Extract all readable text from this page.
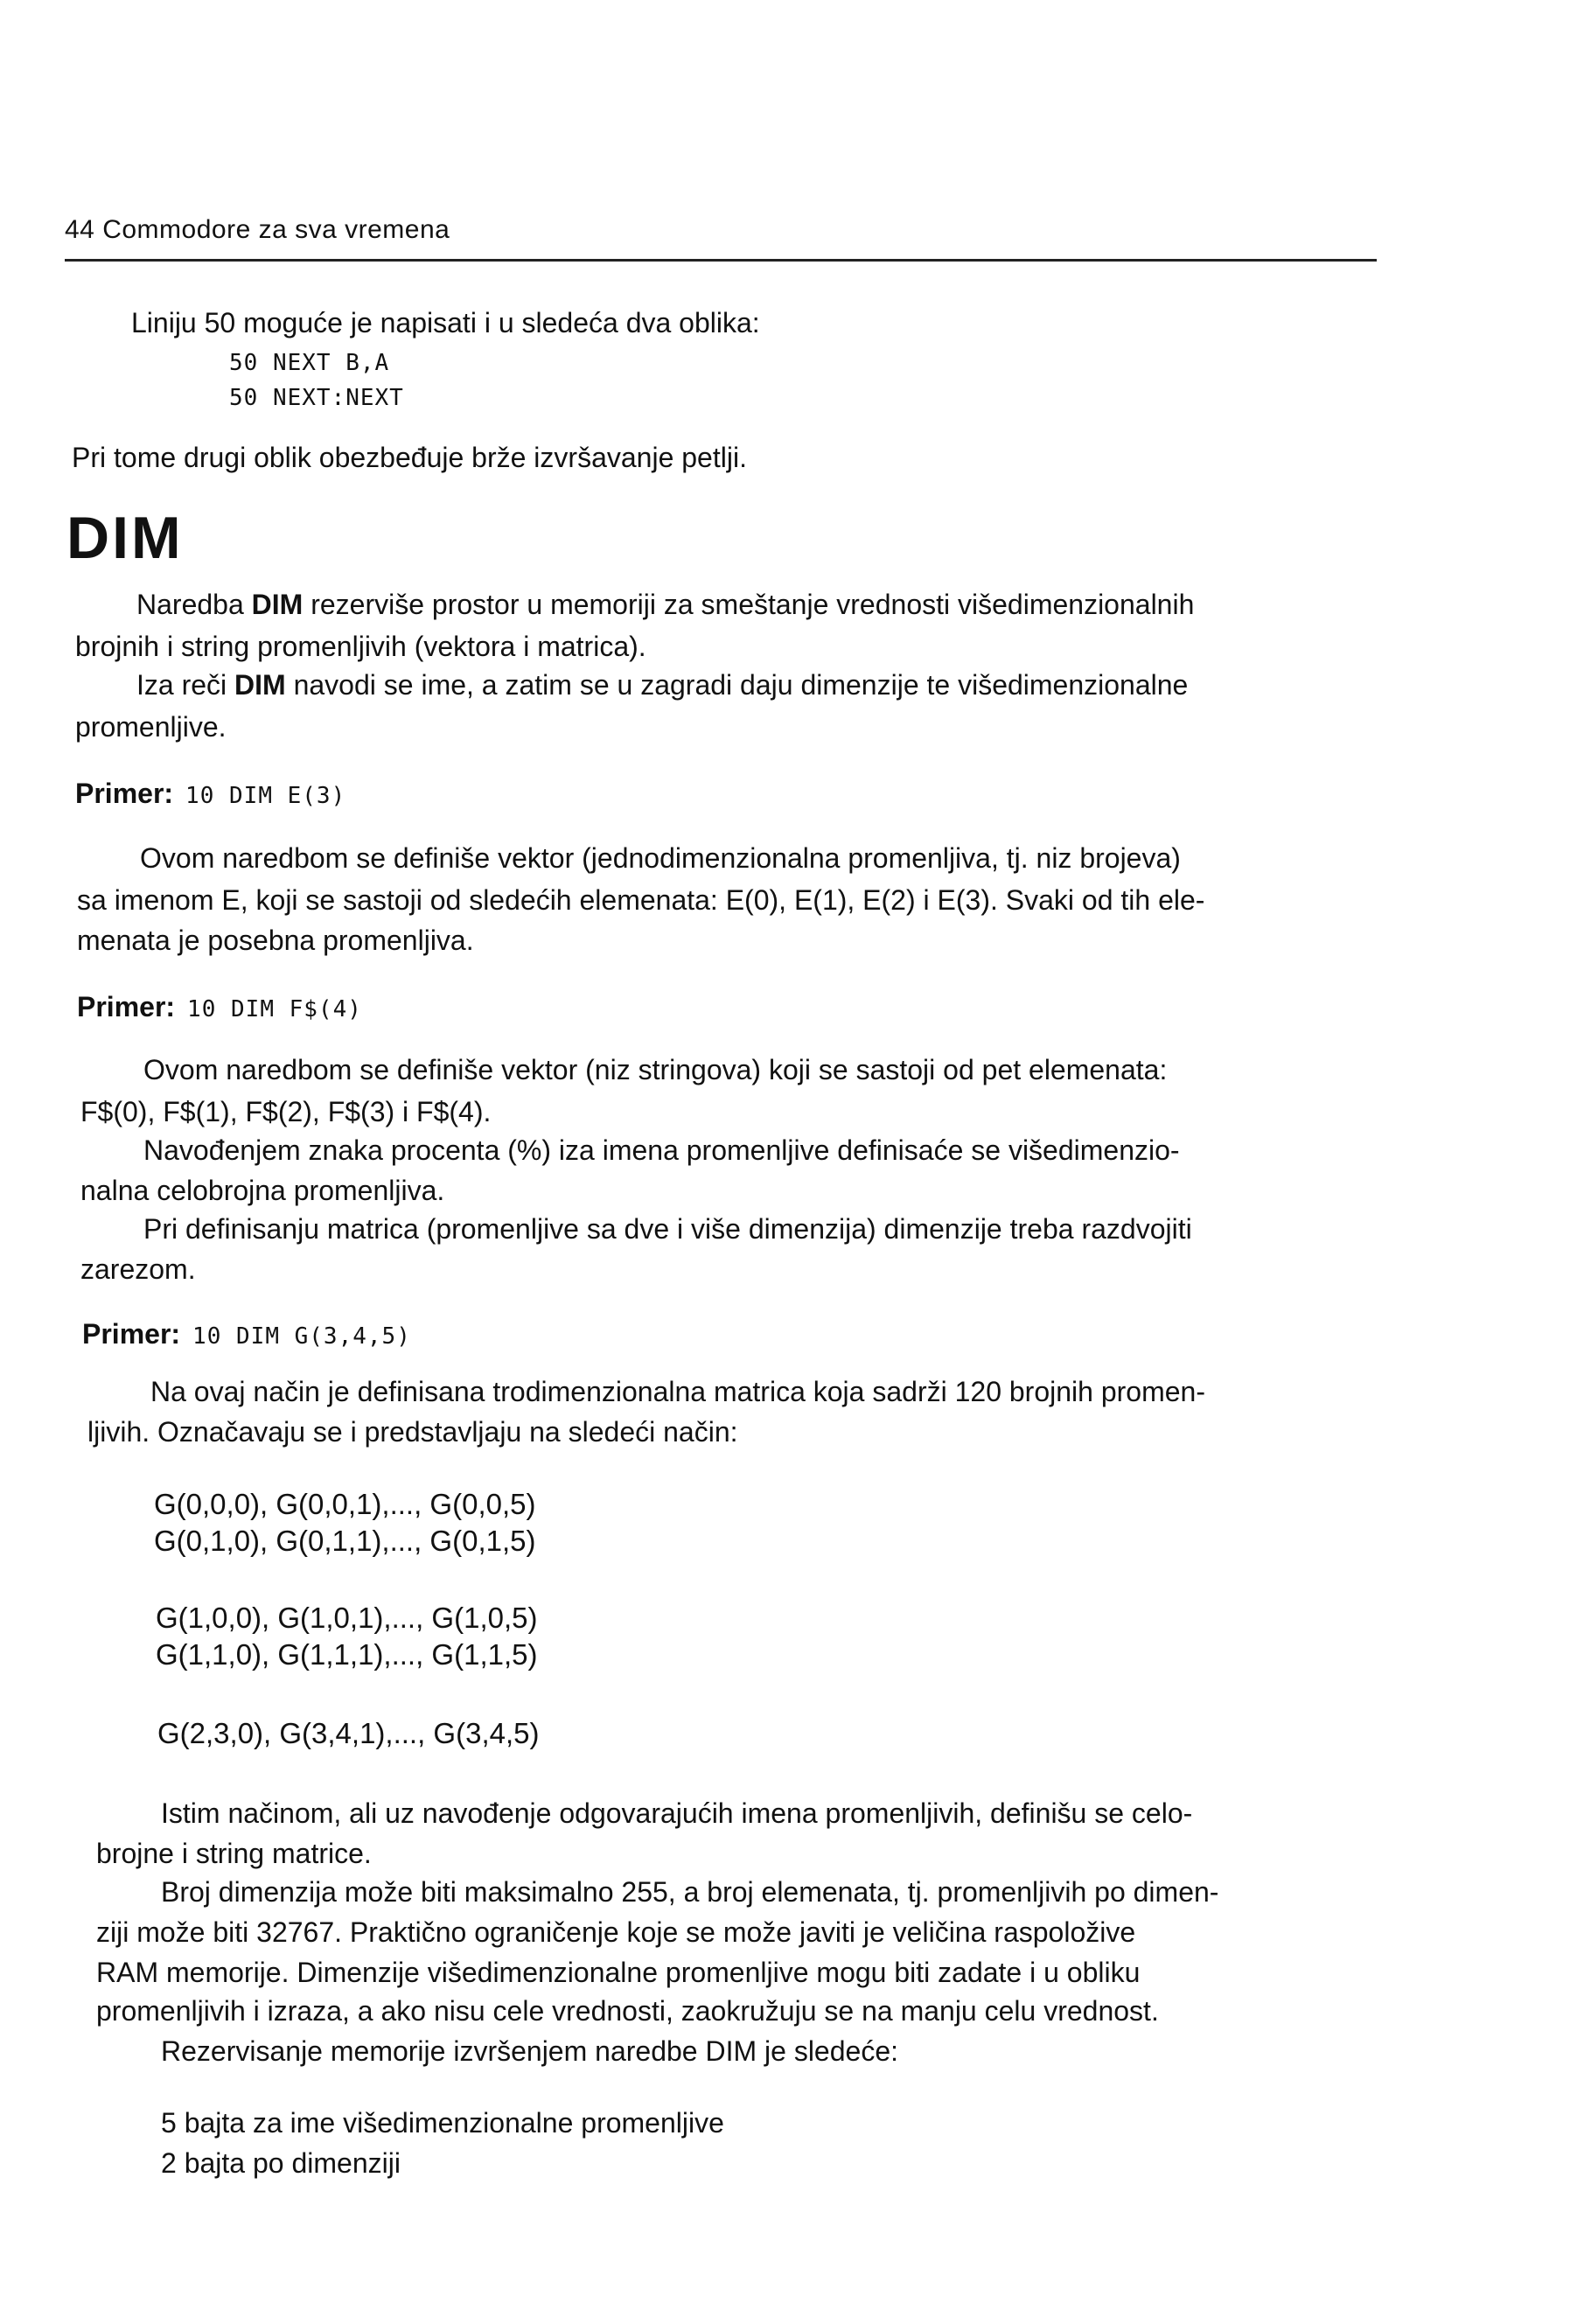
44 Commodore za sva vremena
Liniju 50 moguće je napisati i u sledeća dva oblika:
50 NEXT B,A
50 NEXT:NEXT
Pri tome drugi oblik obezbeđuje brže izvršavanje petlji.
DIM
Naredba DIM rezerviše prostor u memoriji za smeštanje vrednosti višedimenzionalnih
brojnih i string promenljivih (vektora i matrica).
Iza reči DIM navodi se ime, a zatim se u zagradi daju dimenzije te višedimenzionalne
promenljive.
Primer: 10 DIM E(3)
Ovom naredbom se definiše vektor (jednodimenzionalna promenljiva, tj. niz brojeva)
sa imenom E, koji se sastoji od sledećih elemenata: E(0), E(1), E(2) i E(3). Svaki od tih ele-
menata je posebna promenljiva.
Primer: 10 DIM F$(4)
Ovom naredbom se definiše vektor (niz stringova) koji se sastoji od pet elemenata:
F$(0), F$(1), F$(2), F$(3) i F$(4).
Navođenjem znaka procenta (%) iza imena promenljive definisaće se višedimenzio-
nalna celobrojna promenljiva.
Pri definisanju matrica (promenljive sa dve i više dimenzija) dimenzije treba razdvojiti
zarezom.
Primer: 10 DIM G(3,4,5)
Na ovaj način je definisana trodimenzionalna matrica koja sadrži 120 brojnih promen-
ljivih. Označavaju se i predstavljaju na sledeći način:
G(0,0,0), G(0,0,1),..., G(0,0,5)
G(0,1,0), G(0,1,1),..., G(0,1,5)
G(1,0,0), G(1,0,1),..., G(1,0,5)
G(1,1,0), G(1,1,1),..., G(1,1,5)
G(2,3,0), G(3,4,1),..., G(3,4,5)
Istim načinom, ali uz navođenje odgovarajućih imena promenljivih, definišu se celo-
brojne i string matrice.
Broj dimenzija može biti maksimalno 255, a broj elemenata, tj. promenljivih po dimen-
ziji može biti 32767. Praktično ograničenje koje se može javiti je veličina raspoložive
RAM memorije. Dimenzije višedimenzionalne promenljive mogu biti zadate i u obliku
promenljivih i izraza, a ako nisu cele vrednosti, zaokružuju se na manju celu vrednost.
Rezervisanje memorije izvršenjem naredbe DIM je sledeće:
5 bajta za ime višedimenzionalne promenljive
2 bajta po dimenziji
